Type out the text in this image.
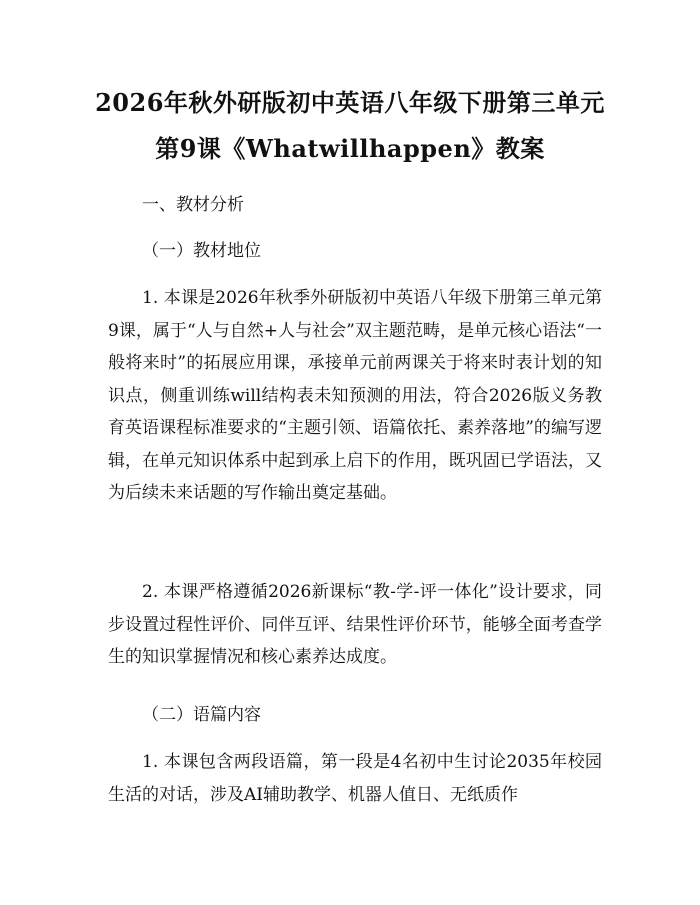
2026年秋外研版初中英语八年级下册第三单元第9课《Whatwillhappen》教案

一、教材分析

（一）教材地位

1. 本课是2026年秋季外研版初中英语八年级下册第三单元第9课，属于“人与自然+人与社会”双主题范畴，是单元核心语法“一般将来时”的拓展应用课，承接单元前两课关于将来时表计划的知识点，侧重训练will结构表未知预测的用法，符合2026版义务教育英语课程标准要求的“主题引领、语篇依托、素养落地”的编写逻辑，在单元知识体系中起到承上启下的作用，既巩固已学语法，又为后续未来话题的写作输出奠定基础。

2. 本课严格遵循2026新课标“教-学-评一体化”设计要求，同步设置过程性评价、同伴互评、结果性评价环节，能够全面考查学生的知识掌握情况和核心素养达成度。

（二）语篇内容

1. 本课包含两段语篇，第一段是4名初中生讨论2035年校园生活的对话，涉及AI辅助教学、机器人值日、无纸质作
